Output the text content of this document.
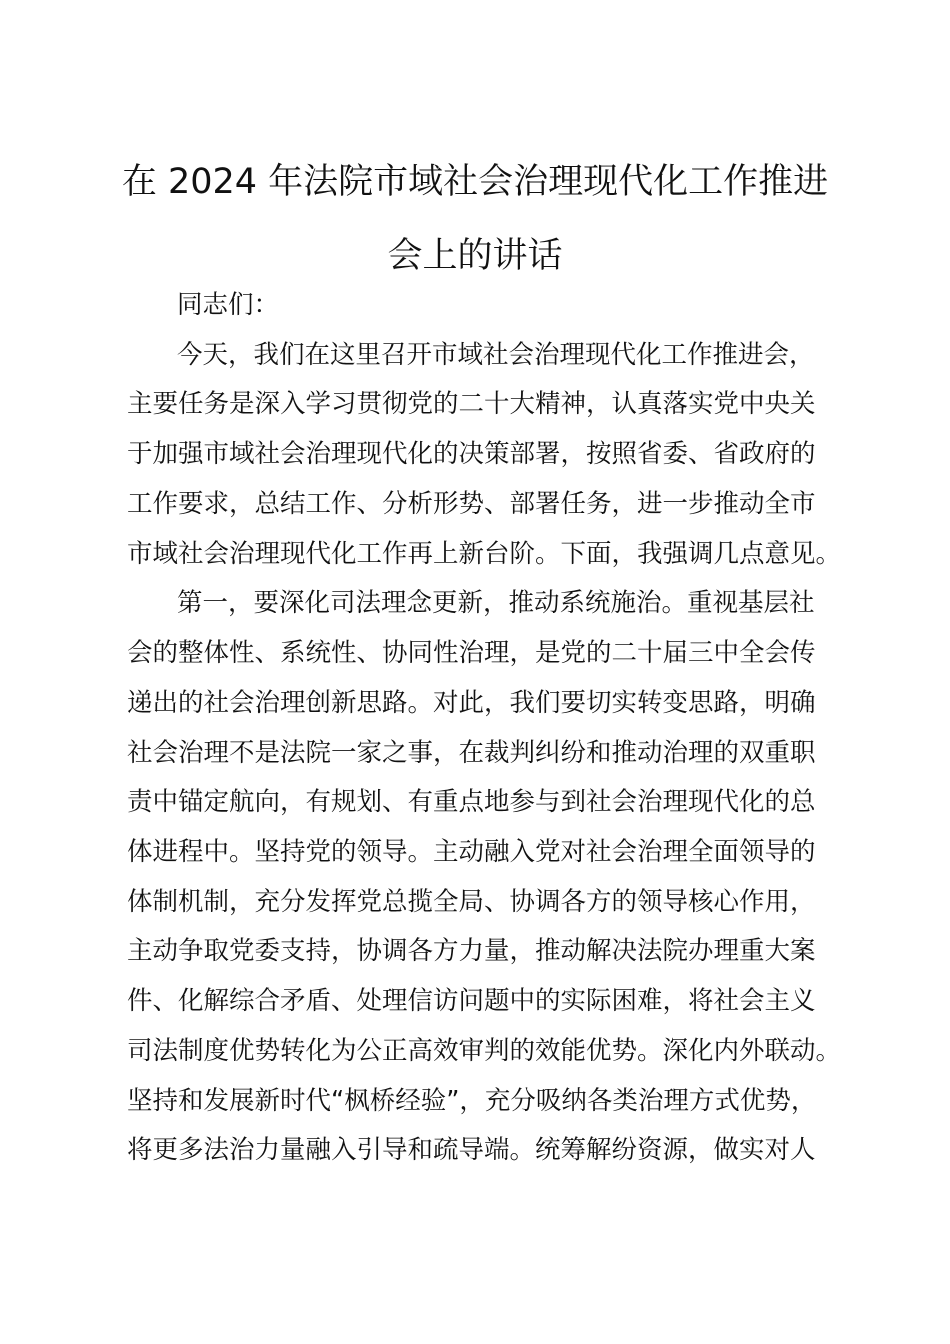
在 2024 年法院市域社会治理现代化工作推进
会上的讲话

同志们：

今天，我们在这里召开市域社会治理现代化工作推进会，

主要任务是深入学习贯彻党的二十大精神，认真落实党中央关

于加强市域社会治理现代化的决策部署，按照省委、省政府的

工作要求，总结工作、分析形势、部署任务，进一步推动全市

市域社会治理现代化工作再上新台阶。下面，我强调几点意见。

第一，要深化司法理念更新，推动系统施治。重视基层社

会的整体性、系统性、协同性治理，是党的二十届三中全会传

递出的社会治理创新思路。对此，我们要切实转变思路，明确

社会治理不是法院一家之事，在裁判纠纷和推动治理的双重职

责中锚定航向，有规划、有重点地参与到社会治理现代化的总

体进程中。坚持党的领导。主动融入党对社会治理全面领导的

体制机制，充分发挥党总揽全局、协调各方的领导核心作用，

主动争取党委支持，协调各方力量，推动解决法院办理重大案

件、化解综合矛盾、处理信访问题中的实际困难，将社会主义

司法制度优势转化为公正高效审判的效能优势。深化内外联动。

坚持和发展新时代“枫桥经验”，充分吸纳各类治理方式优势，

将更多法治力量融入引导和疏导端。统筹解纷资源，做实对人
